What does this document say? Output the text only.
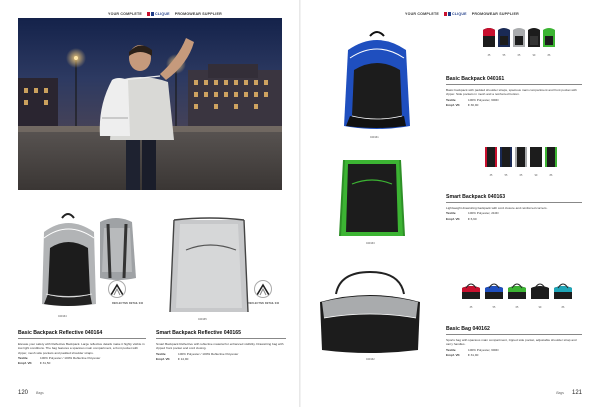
YOUR COMPLETE	CLIQUE PROMOWEAR SUPPLIER	YOUR COMPLETE	CLIQUE PROMOWEAR SUPPLIER
040164
REFLECTIVE DETAIL 040
040165
REFLECTIVE DETAIL 040
Basic Backpack Reflective 040164
Elevate your safety with Reflective Backpack. Large reflective details make it highly visible in low light conditions. The bag features a spacious main compartment, a front pocket with zipper, mesh side pockets and padded shoulder straps.
Textile	100% Polyester / 100% Reflective Polyester
Empf. VK	€ 31,50
Smart Backpack Reflective 040165
Smart Backpack Reflective with reflective material for enhanced visibility. Drawstring bag with zipped front pocket and cord closing.
Textile	100% Polyester / 100% Reflective Polyester
Empf. VK	€ 14,90
120 Bags
040161
35	55	65	99	86
Basic Backpack 040161
Basic backpack with padded shoulder straps, spacious main compartment and front pocket with zipper. Side pockets in mesh and a reinforced bottom.
Textile	100% Polyester, 600D
Empf. VK	€ 30,90
040163
35	55	65	99	86
Smart Backpack 040163
Lightweight drawstring backpack with cord closure and reinforced corners.
Textile	100% Polyester, 210D
Empf. VK	€ 6,90
040162
35	55	65	99	86
Basic Bag 040162
Sports bag with spacious main compartment, zipped side pocket, adjustable shoulder strap and carry handles.
Textile	100% Polyester, 600D
Empf. VK	€ 31,90
Bags 121
